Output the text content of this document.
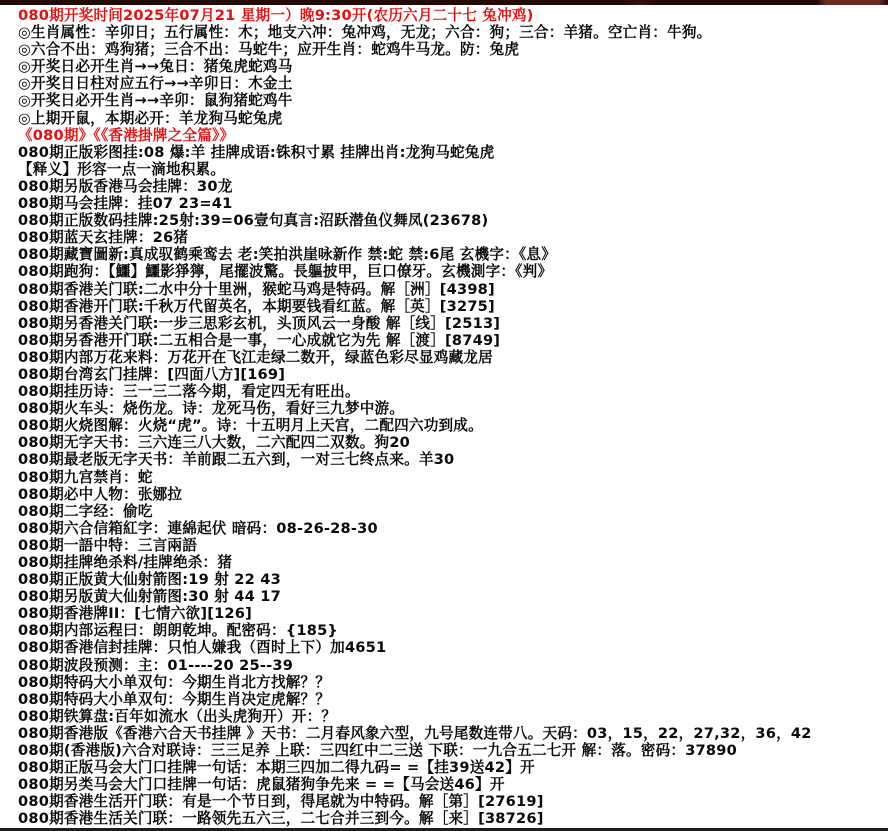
080期开奖时间2025年07月21 星期一）晚9:30开(农历六月二十七 兔冲鸡)
◎生肖属性：辛卯日；五行属性：木；地支六冲：兔冲鸡，无龙；六合：狗；三合：羊猪。空亡肖：牛狗。
◎六合不出：鸡狗猪；三合不出：马蛇牛；应开生肖：蛇鸡牛马龙。防：兔虎
◎开奖日必开生肖→→兔日：猪兔虎蛇鸡马
◎开奖日日柱对应五行→→辛卯日：木金土
◎开奖日必开生肖→→辛卯：鼠狗猪蛇鸡牛
◎上期开鼠，本期必开：羊龙狗马蛇兔虎
《080期》《《香港掛牌之全篇》》
080期正版彩图挂:08 爆:羊 挂牌成语:铢积寸累 挂牌出肖:龙狗马蛇兔虎
【释义】形容一点一滴地积累。
080期另版香港马会挂牌：30龙
080期马会挂牌：挂07 23=41
080期正版数码挂牌:25射:39=06壹句真言:沼跃潜鱼仪舞凤(23678)
080期蓝天玄挂牌：26猪
080期藏寶圖新:真成驭鹤乘鸾去 老:笑拍洪崖咏新作 禁:蛇 禁:6尾 玄機字：《息》
080期跑狗：【鱷】鱷影猙獰，尾擺波驚。長軀披甲，巨口僚牙。玄機測字：《判》
080期香港关门联:二水中分十里洲，猴蛇马鸡是特码。解［洲］[4398]
080期香港开门联:千秋万代留英名，本期要钱看红蓝。解［英］[3275]
080期另香港关门联:一步三思彩玄机，头顶风云一身酸 解［线］[2513]
080期另香港开门联:二五相合是一事，一心成就它为先 解［渡］[8749]
080期内部万花来料：万花开在飞江走绿二数开，绿蓝色彩尽显鸡藏龙居
080期台湾玄门挂牌：[四面八方][169]
080期挂历诗：三一三二落今期，看定四无有旺出。
080期火车头：烧伤龙。诗：龙死马伤，看好三九梦中游。
080期火烧图解：火烧“虎”。诗：十五明月上天宫，二配四六功到成。
080期无字天书：三六连三八大数，二六配四二双数。狗20
080期最老版无字天书：羊前跟二五六到，一对三七终点来。羊30
080期九宫禁肖：蛇
080期必中人物：张娜拉
080期二字经：偷吃
080期六合信箱紅字：連綿起伏 暗码：08-26-28-30
080期一語中特：三言兩語
080期挂牌绝杀料/挂牌绝杀：猪
080期正版黄大仙射箭图:19 射 22 43
080期另版黄大仙射箭图:30 射 44 17
080期香港牌II：[七情六欲][126]
080期内部运程曰：朗朗乾坤。配密码：{185}
080期香港信封挂牌：只怕人嫌我（酉时上下）加4651
080期波段预测：主：01----20 25--39
080期特码大小单双句：今期生肖北方找解？？
080期特码大小单双句：今期生肖决定虎解？？
080期铁算盘:百年如流水（出头虎狗开）开：？
080期香港版《香港六合天书挂牌 》天书：二月春风象六型，九号尾数连带八。天码：03，15，22，27,32，36，42
080期(香港版)六合对联诗：三三足养 上联：三四红中二三送 下联：一九合五二七开 解：落。密码：37890
080期正版马会大门口挂牌一句话：本期三四加二得九码= =【挂39送42】开
080期另类马会大门口挂牌一句话：虎鼠猪狗争先来 = =【马会送46】开
080期香港生活开门联：有是一个节日到，得尾就为中特码。解［第］[27619]
080期香港生活关门联：一路领先五六三，二七合并三到今。解［来］[38726]
